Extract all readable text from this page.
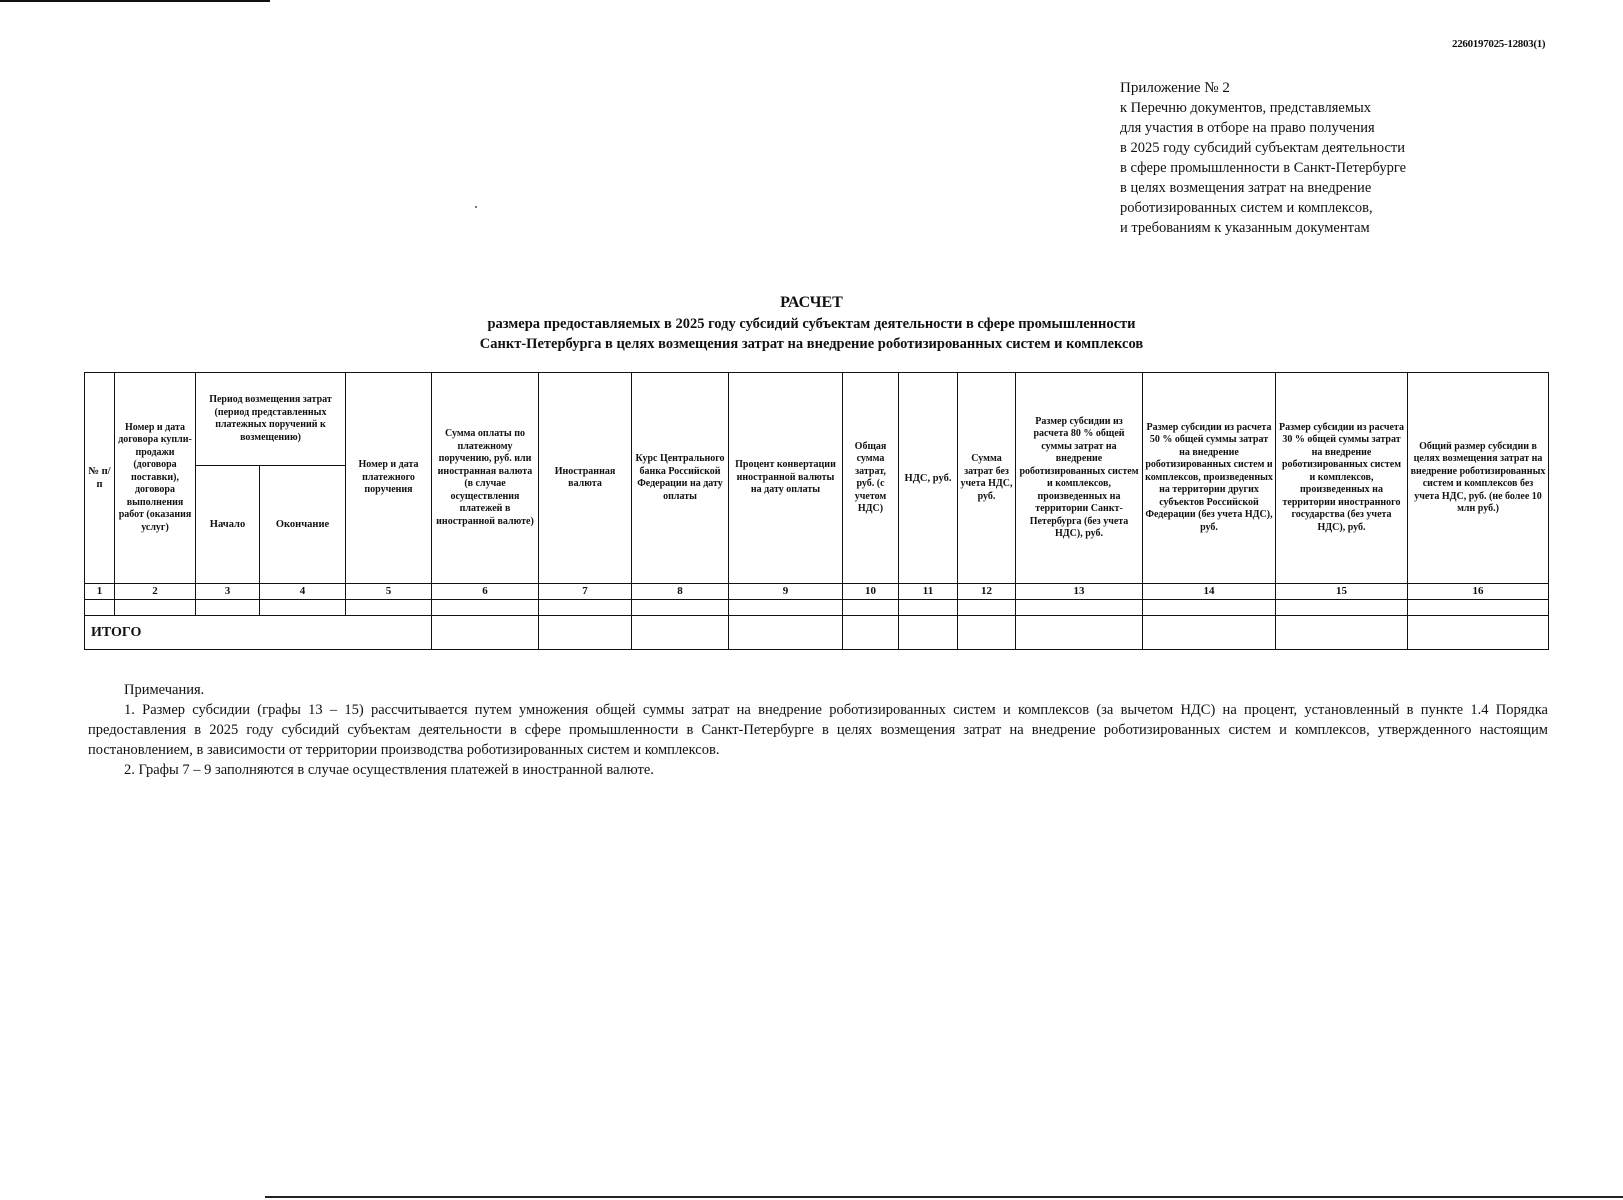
2260197025-12803(1)
Приложение № 2
к Перечню документов, представляемых
для участия в отборе на право получения
в 2025 году субсидий субъектам деятельности
в сфере промышленности в Санкт-Петербурге
в целях возмещения затрат на внедрение
роботизированных систем и комплексов,
и требованиям к указанным документам
РАСЧЕТ
размера предоставляемых в 2025 году субсидий субъектам деятельности в сфере промышленности
Санкт-Петербурга в целях возмещения затрат на внедрение роботизированных систем и комплексов
№ п/п	Номер и дата договора купли-продажи (договора поставки), договора выполнения работ (оказания услуг)	Период возмещения затрат (период представленных платежных поручений к возмещению)		Номер и дата платежного поручения	Сумма оплаты по платежному поручению, руб. или иностранная валюта (в случае осуществления платежей в иностранной валюте)	Иностранная валюта	Курс Центрального банка Российской Федерации на дату оплаты	Процент конвертации иностранной валюты на дату оплаты	Общая сумма затрат, руб. (с учетом НДС)	НДС, руб.	Сумма затрат без учета НДС, руб.	Размер субсидии из расчета 80 % общей суммы затрат на внедрение роботизированных систем и комплексов, произведенных на территории Санкт-Петербурга (без учета НДС), руб.	Размер субсидии из расчета 50 % общей суммы затрат на внедрение роботизированных систем и комплексов, произведенных на территории других субъектов Российской Федерации (без учета НДС), руб.	Размер субсидии из расчета 30 % общей суммы затрат на внедрение роботизированных систем и комплексов, произведенных на территории иностранного государства (без учета НДС), руб.	Общий размер субсидии в целях возмещения затрат на внедрение роботизированных систем и комплексов без учета НДС, руб. (не более 10 млн руб.)
		Начало	Окончание												
1	2	3	4	5	6	7	8	9	10	11	12	13	14	15	16

ИТОГО															
Примечания.

1. Размер субсидии (графы 13 – 15) рассчитывается путем умножения общей суммы затрат на внедрение роботизированных систем и комплексов (за вычетом НДС) на процент, установленный в пункте 1.4 Порядка предоставления в 2025 году субсидий субъектам деятельности в сфере промышленности в Санкт-Петербурге в целях возмещения затрат на внедрение роботизированных систем и комплексов, утвержденного настоящим постановлением, в зависимости от территории производства роботизированных систем и комплексов.

2. Графы 7 – 9 заполняются в случае осуществления платежей в иностранной валюте.
